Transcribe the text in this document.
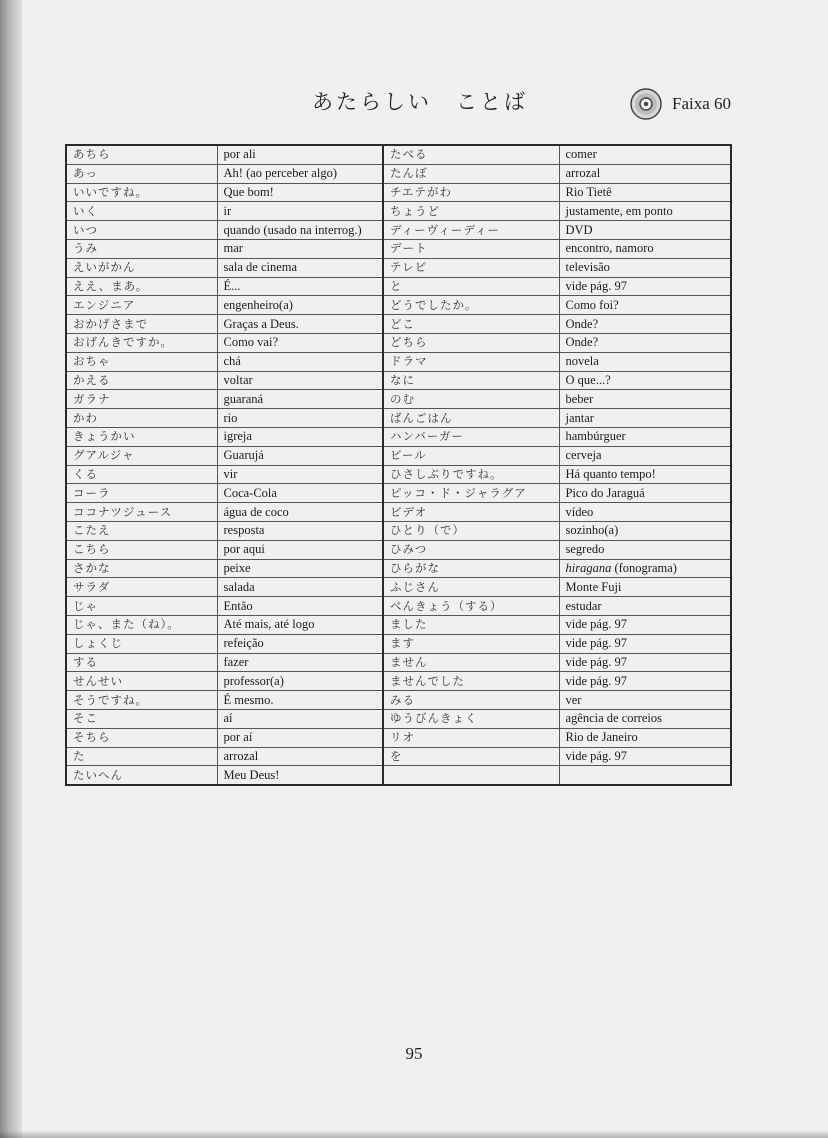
あたらしい　ことば	Faixa 60
あちら	por ali	たべる	comer
あっ	Ah! (ao perceber algo)	たんぼ	arrozal
いいですね。	Que bom!	チエテがわ	Rio Tietê
いく	ir	ちょうど	justamente, em ponto
いつ	quando (usado na interrog.)	ディーヴィーディー	DVD
うみ	mar	デート	encontro, namoro
えいがかん	sala de cinema	テレビ	televisão
ええ、まあ。	É...	と	vide pág. 97
エンジニア	engenheiro(a)	どうでしたか。	Como foi?
おかげさまで	Graças a Deus.	どこ	Onde?
おげんきですか。	Como vai?	どちら	Onde?
おちゃ	chá	ドラマ	novela
かえる	voltar	なに	O que...?
ガラナ	guaraná	のむ	beber
かわ	rio	ばんごはん	jantar
きょうかい	igreja	ハンバーガー	hambúrguer
グアルジャ	Guarujá	ビール	cerveja
くる	vir	ひさしぶりですね。	Há quanto tempo!
コーラ	Coca-Cola	ピッコ・ド・ジャラグア	Pico do Jaraguá
ココナツジュース	água de coco	ビデオ	vídeo
こたえ	resposta	ひとり（で）	sozinho(a)
こちら	por aqui	ひみつ	segredo
さかな	peixe	ひらがな	hiragana (fonograma)
サラダ	salada	ふじさん	Monte Fuji
じゃ	Então	べんきょう（する）	estudar
じゃ、また（ね）。	Até mais, até logo	ました	vide pág. 97
しょくじ	refeição	ます	vide pág. 97
する	fazer	ません	vide pág. 97
せんせい	professor(a)	ませんでした	vide pág. 97
そうですね。	É mesmo.	みる	ver
そこ	aí	ゆうびんきょく	agência de correios
そちら	por aí	リオ	Rio de Janeiro
た	arrozal	を	vide pág. 97
たいへん	Meu Deus!		
95
